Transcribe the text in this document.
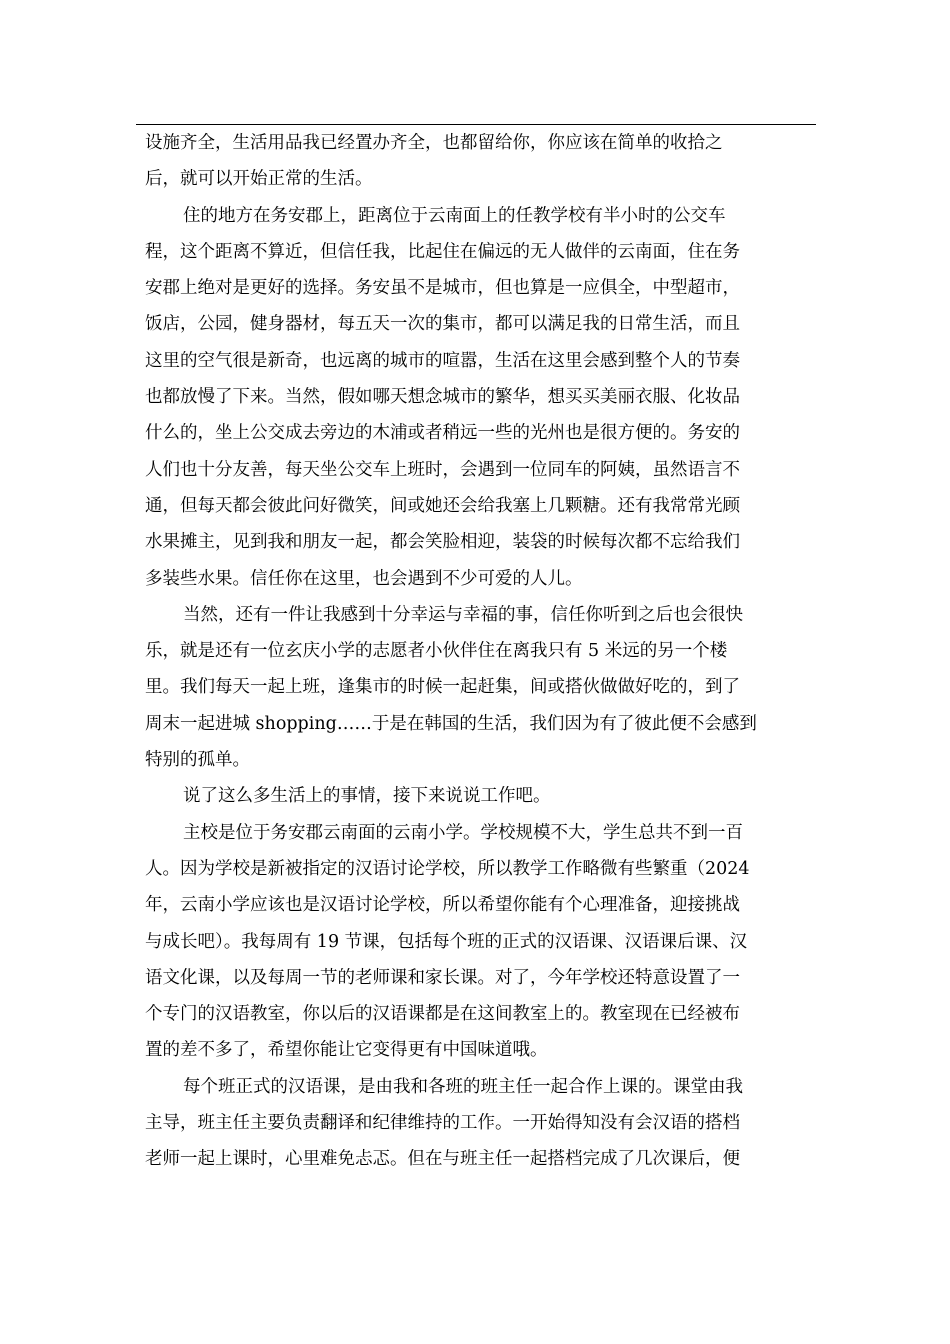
设施齐全，生活用品我已经置办齐全，也都留给你，你应该在简单的收拾之
后，就可以开始正常的生活。
住的地方在务安郡上，距离位于云南面上的任教学校有半小时的公交车
程，这个距离不算近，但信任我，比起住在偏远的无人做伴的云南面，住在务
安郡上绝对是更好的选择。务安虽不是城市，但也算是一应俱全，中型超市，
饭店，公园，健身器材，每五天一次的集市，都可以满足我的日常生活，而且
这里的空气很是新奇，也远离的城市的喧嚣，生活在这里会感到整个人的节奏
也都放慢了下来。当然，假如哪天想念城市的繁华，想买买美丽衣服、化妆品
什么的，坐上公交成去旁边的木浦或者稍远一些的光州也是很方便的。务安的
人们也十分友善，每天坐公交车上班时，会遇到一位同车的阿姨，虽然语言不
通，但每天都会彼此问好微笑，间或她还会给我塞上几颗糖。还有我常常光顾
水果摊主，见到我和朋友一起，都会笑脸相迎，装袋的时候每次都不忘给我们
多装些水果。信任你在这里，也会遇到不少可爱的人儿。
当然，还有一件让我感到十分幸运与幸福的事，信任你听到之后也会很快
乐，就是还有一位玄庆小学的志愿者小伙伴住在离我只有 5 米远的另一个楼
里。我们每天一起上班，逢集市的时候一起赶集，间或搭伙做做好吃的，到了
周末一起进城 shopping……于是在韩国的生活，我们因为有了彼此便不会感到
特别的孤单。
说了这么多生活上的事情，接下来说说工作吧。
主校是位于务安郡云南面的云南小学。学校规模不大，学生总共不到一百
人。因为学校是新被指定的汉语讨论学校，所以教学工作略微有些繁重（2024
年，云南小学应该也是汉语讨论学校，所以希望你能有个心理准备，迎接挑战
与成长吧）。我每周有 19 节课，包括每个班的正式的汉语课、汉语课后课、汉
语文化课，以及每周一节的老师课和家长课。对了，今年学校还特意设置了一
个专门的汉语教室，你以后的汉语课都是在这间教室上的。教室现在已经被布
置的差不多了，希望你能让它变得更有中国味道哦。
每个班正式的汉语课，是由我和各班的班主任一起合作上课的。课堂由我
主导，班主任主要负责翻译和纪律维持的工作。一开始得知没有会汉语的搭档
老师一起上课时，心里难免忐忑。但在与班主任一起搭档完成了几次课后，便
